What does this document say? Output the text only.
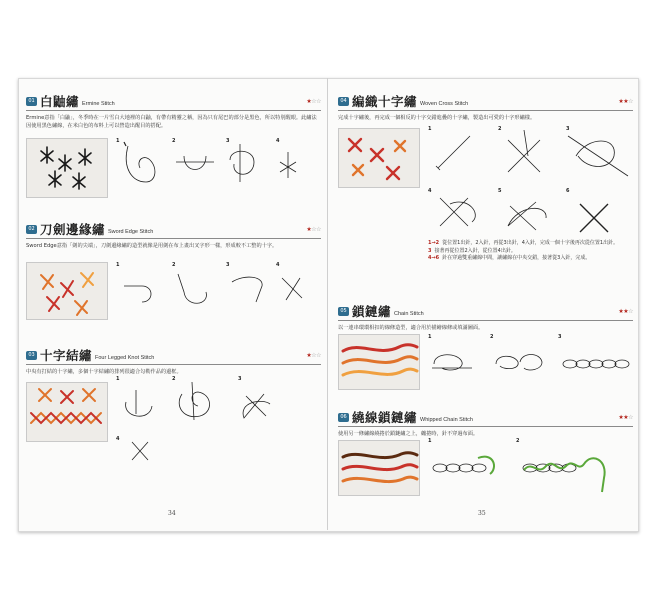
01 白鼬繡 Ermine Stitch	★☆☆
Ermine意指「白鼬」，冬季時在一片雪白大地裡的白鼬，有帶有精靈之稱，因為只有尾巴的部分是黑色，所以特別醒眼。此繡法因使用黑色繡線，在米白色的布料上可以營造出醒目的搭配。
1	2	3	4
02 刀劍邊緣繡 Sword Edge Stitch	★☆☆
Sword Edge意指「劍的尖端」，刀劍邊緣繡的造型就像是用劍在布上畫出叉字形一樣，形成較不工整的十字。
1	2	3	4
03 十字結繡 Four Legged Knot Stitch	★☆☆
中央有打結的十字繡，多個十字結繡的排列很適合勾勒作品的邊框。
1	2	3
4
34
04 編織十字繡 Woven Cross Stitch	★★☆
完成十字繡後，再完成一個相反的十字交錯進疊的十字繡，製造出可愛的十字形繡樣。
1	2	3
4	5	6
1→2 從位置1出針，2入針，再從3出針，4入針，完成一個十字後再次從位置1出針。
3 接著再從位置2入針，從位置4出針。
4→6 針在穿過雙重繡線中間，讓繡線在中央交錯，接著從3入針，完成。
05 鎖鏈繡 Chain Stitch	★★☆
以一連串環環相扣的線條造型，適合用於描繪線條或填滿圖面。
1	2	3
06 繞線鎖鏈繡 Whipped Chain Stitch	★★☆
使用另一條繡線繞捲於鎖鏈繡之上，纏捲時，針不穿過布面。
1	2
35
